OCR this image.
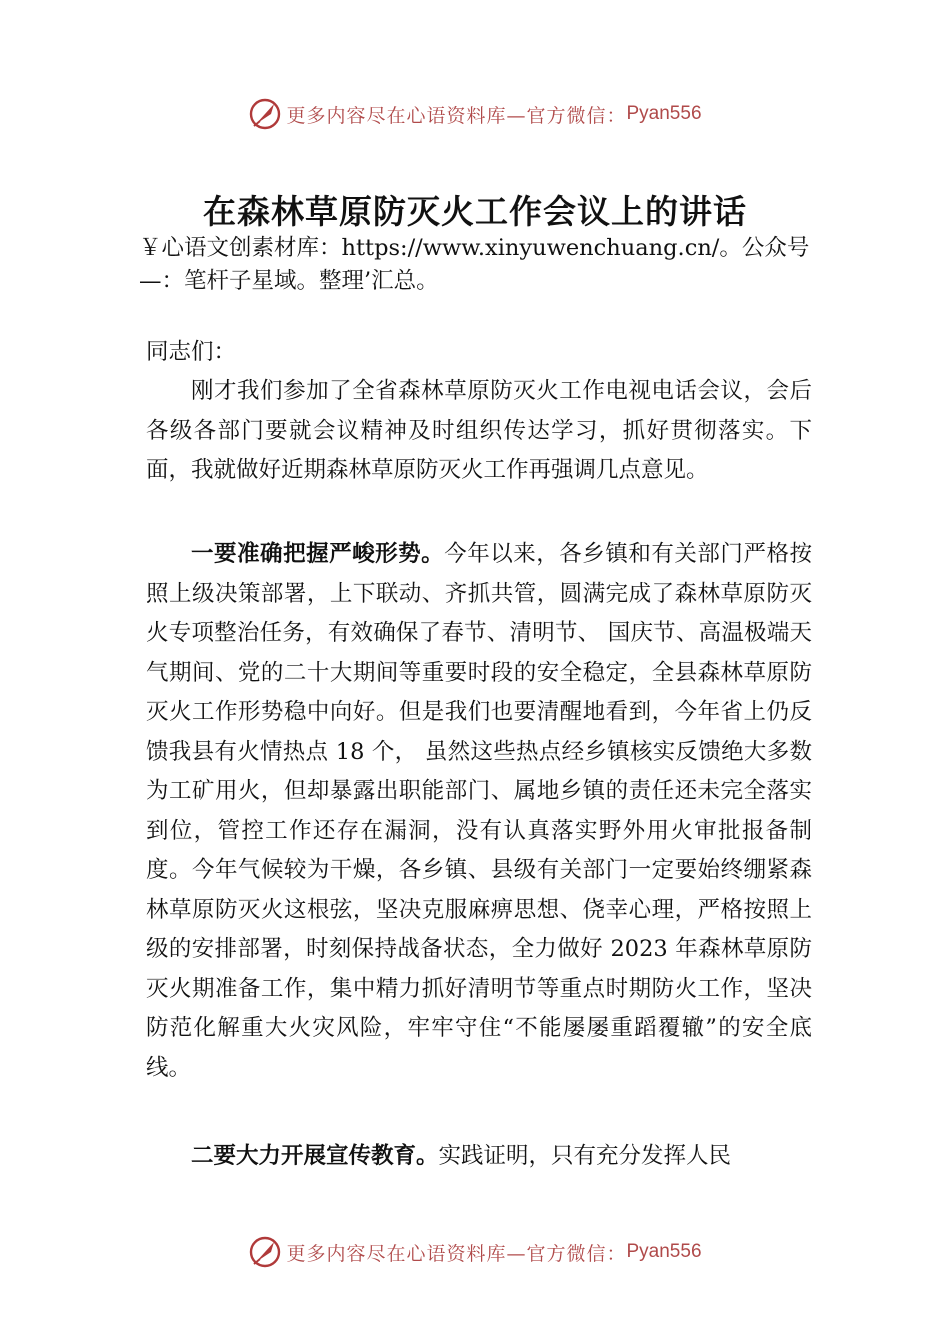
更多内容尽在心语资料库—官方微信： Pyan556
在森林草原防灭火工作会议上的讲话
￥心语文创素材库：https://www.xinyuwenchuang.cn/。公众号—：笔杆子星域。整理’汇总。
同志们：
刚才我们参加了全省森林草原防灭火工作电视电话会议，会后各级各部门要就会议精神及时组织传达学习，抓好贯彻落实。下面，我就做好近期森林草原防灭火工作再强调几点意见。
一要准确把握严峻形势。今年以来，各乡镇和有关部门严格按照上级决策部署，上下联动、齐抓共管，圆满完成了森林草原防灭火专项整治任务，有效确保了春节、清明节、 国庆节、高温极端天气期间、党的二十大期间等重要时段的安全稳定，全县森林草原防灭火工作形势稳中向好。但是我们也要清醒地看到，今年省上仍反馈我县有火情热点 18 个， 虽然这些热点经乡镇核实反馈绝大多数为工矿用火，但却暴露出职能部门、属地乡镇的责任还未完全落实到位，管控工作还存在漏洞，没有认真落实野外用火审批报备制度。今年气候较为干燥，各乡镇、县级有关部门一定要始终绷紧森林草原防灭火这根弦，坚决克服麻痹思想、侥幸心理，严格按照上级的安排部署，时刻保持战备状态，全力做好 2023 年森林草原防灭火期准备工作，集中精力抓好清明节等重点时期防火工作，坚决防范化解重大火灾风险，牢牢守住“不能屡屡重蹈覆辙”的安全底线。
二要大力开展宣传教育。实践证明，只有充分发挥人民
更多内容尽在心语资料库—官方微信： Pyan556
